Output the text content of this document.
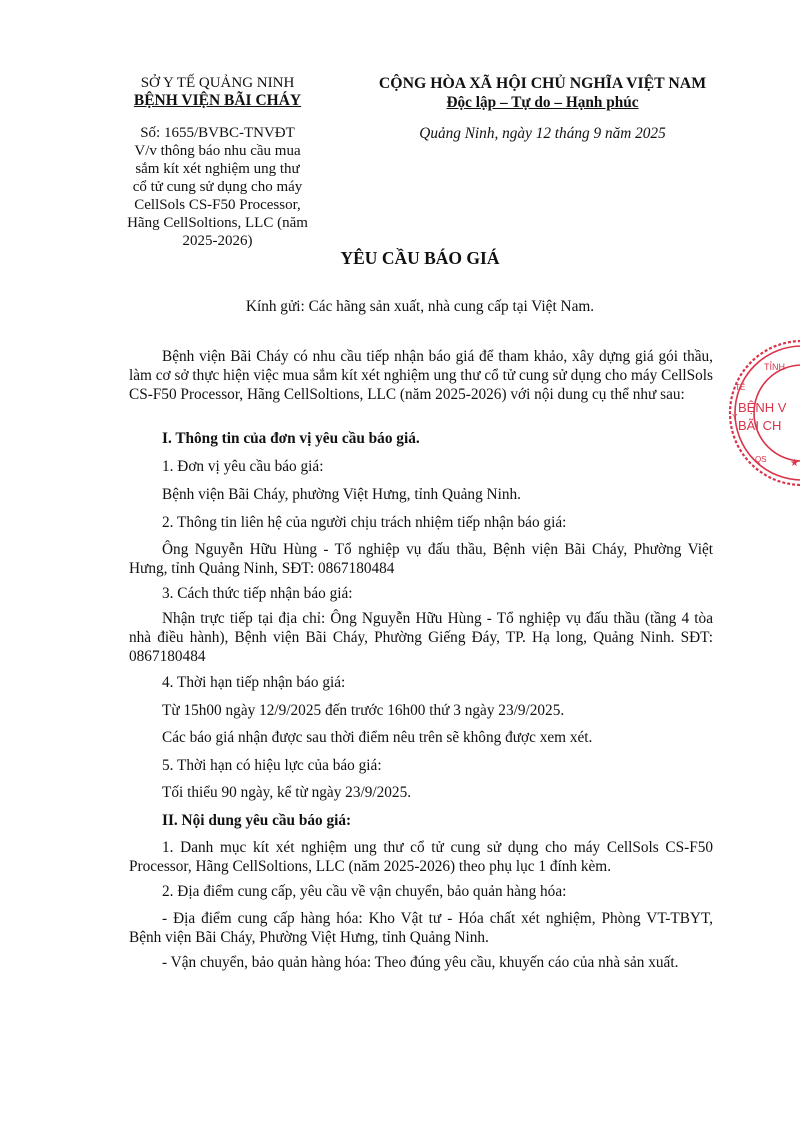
SỞ Y TẾ QUẢNG NINH
BỆNH VIỆN BÃI CHÁY
Số: 1655/BVBC-TNVĐT
V/v thông báo nhu cầu mua
sắm kít xét nghiệm ung thư
cổ tử cung sử dụng cho máy
CellSols CS-F50 Processor,
Hãng CellSoltions, LLC (năm
2025-2026)
CỘNG HÒA XÃ HỘI CHỦ NGHĨA VIỆT NAM
Độc lập – Tự do – Hạnh phúc
Quảng Ninh, ngày 12 tháng 9 năm 2025
YÊU CẦU BÁO GIÁ
Kính gửi: Các hãng sản xuất, nhà cung cấp tại Việt Nam.
Bệnh viện Bãi Cháy có nhu cầu tiếp nhận báo giá để tham khảo, xây dựng giá gói thầu, làm cơ sở thực hiện việc mua sắm kít xét nghiệm ung thư cổ tử cung sử dụng cho máy CellSols CS-F50 Processor, Hãng CellSoltions, LLC (năm 2025-2026) với nội dung cụ thể như sau:
I. Thông tin của đơn vị yêu cầu báo giá.
1. Đơn vị yêu cầu báo giá:
Bệnh viện Bãi Cháy, phường Việt Hưng, tỉnh Quảng Ninh.
2. Thông tin liên hệ của người chịu trách nhiệm tiếp nhận báo giá:
Ông Nguyễn Hữu Hùng - Tổ nghiệp vụ đấu thầu, Bệnh viện Bãi Cháy, Phường Việt Hưng, tỉnh Quảng Ninh, SĐT: 0867180484
3. Cách thức tiếp nhận báo giá:
Nhận trực tiếp tại địa chỉ: Ông Nguyễn Hữu Hùng - Tổ nghiệp vụ đấu thầu (tầng 4 tòa nhà điều hành), Bệnh viện Bãi Cháy, Phường Giếng Đáy, TP. Hạ long, Quảng Ninh. SĐT: 0867180484
4. Thời hạn tiếp nhận báo giá:
Từ 15h00 ngày 12/9/2025 đến trước 16h00 thứ 3 ngày 23/9/2025.
Các báo giá nhận được sau thời điểm nêu trên sẽ không được xem xét.
5. Thời hạn có hiệu lực của báo giá:
Tối thiểu 90 ngày, kể từ ngày 23/9/2025.
II. Nội dung yêu cầu báo giá:
1. Danh mục kít xét nghiệm ung thư cổ tử cung sử dụng cho máy CellSols CS-F50 Processor, Hãng CellSoltions, LLC (năm 2025-2026) theo phụ lục 1 đính kèm.
2. Địa điểm cung cấp, yêu cầu về vận chuyển, bảo quản hàng hóa:
- Địa điểm cung cấp hàng hóa: Kho Vật tư - Hóa chất xét nghiệm, Phòng VT-TBYT, Bệnh viện Bãi Cháy, Phường Việt Hưng, tỉnh Quảng Ninh.
- Vận chuyển, bảo quản hàng hóa: Theo đúng yêu cầu, khuyến cáo của nhà sản xuất.
TỈNH
TẾ
Y
BỆNH V
BÃI CH
QS ★
